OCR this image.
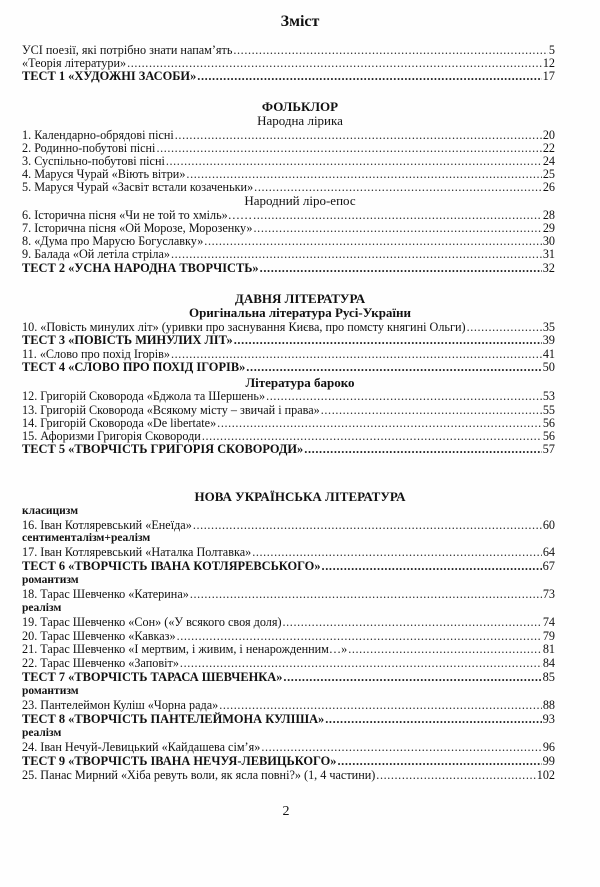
Зміст
УСІ поезії, які потрібно знати напам’ять .....	5
«Теорія літератури» .....	12
ТЕСТ 1 «ХУДОЖНІ ЗАСОБИ» .....	17
ФОЛЬКЛОР
Народна лірика
1. Календарно-обрядові пісні .....	20
2. Родинно-побутові пісні .....	22
3. Суспільно-побутові пісні .....	24
4. Маруся Чурай «Віють вітри» .....	25
5. Маруся Чурай «Засвіт встали козаченьки» .....	26
Народний ліро-епос
6. Історична пісня «Чи не той то хміль»…… .....	28
7. Історична пісня «Ой Морозе, Морозенку» .....	29
8. «Дума про Марусю Богуславку» .....	30
9. Балада «Ой летіла стріла» .....	31
ТЕСТ 2 «УСНА НАРОДНА ТВОРЧІСТЬ» .....	32
ДАВНЯ ЛІТЕРАТУРА
Оригінальна література Русі-України
10. «Повість минулих літ» (уривки про заснування Києва, про помсту княгині Ольги) .....	35
ТЕСТ 3 «ПОВІСТЬ МИНУЛИХ ЛІТ» .....	39
11. «Слово про похід Ігорів» .....	41
ТЕСТ 4 «СЛОВО ПРО ПОХІД ІГОРІВ» .....	50
Література бароко
12. Григорій Сковорода «Бджола та Шершень» .....	53
13. Григорій Сковорода «Всякому місту – звичай і права» .....	55
14. Григорій Сковорода «De libertate» .....	56
15. Афоризми Григорія Сковороди .....	56
ТЕСТ 5 «ТВОРЧІСТЬ ГРИГОРІЯ СКОВОРОДИ» .....	57
НОВА УКРАЇНСЬКА ЛІТЕРАТУРА
класицизм
16. Іван Котляревський «Енеїда» .....	60
сентименталізм+реалізм
17. Іван Котляревський «Наталка Полтавка» .....	64
ТЕСТ 6 «ТВОРЧІСТЬ ІВАНА КОТЛЯРЕВСЬКОГО» .....	67
романтизм
18. Тарас Шевченко «Катерина» .....	73
реалізм
19. Тарас Шевченко «Сон» («У всякого своя доля) .....	74
20. Тарас Шевченко «Кавказ» .....	79
21. Тарас Шевченко «І мертвим, і живим, і ненарожденним…» .....	81
22. Тарас Шевченко «Заповіт» .....	84
ТЕСТ 7 «ТВОРЧІСТЬ ТАРАСА ШЕВЧЕНКА» .....	85
романтизм
23. Пантелеймон Куліш «Чорна рада» .....	88
ТЕСТ 8 «ТВОРЧІСТЬ ПАНТЕЛЕЙМОНА КУЛІША» .....	93
реалізм
24. Іван Нечуй-Левицький «Кайдашева сім’я» .....	96
ТЕСТ 9 «ТВОРЧІСТЬ ІВАНА НЕЧУЯ-ЛЕВИЦЬКОГО» .....	99
25. Панас Мирний «Хіба ревуть воли, як ясла повні?» (1, 4 частини) .....	102
2
